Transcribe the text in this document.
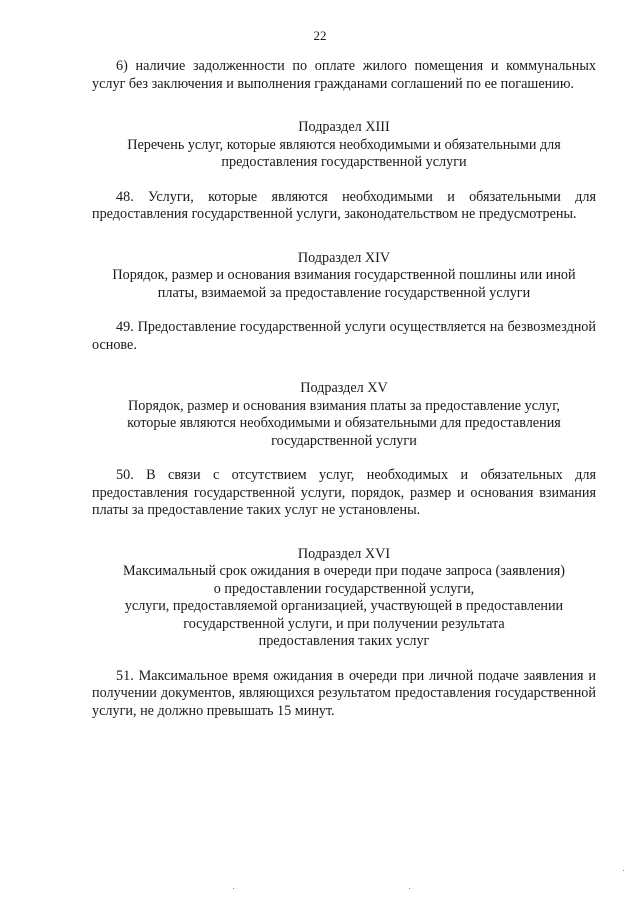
22

6) наличие задолженности по оплате жилого помещения и коммунальных услуг без заключения и выполнения гражданами соглашений по ее погашению.

Подраздел XIII
Перечень услуг, которые являются необходимыми и обязательными для
предоставления государственной услуги

48. Услуги, которые являются необходимыми и обязательными для предоставления государственной услуги, законодательством не предусмотрены.

Подраздел XIV
Порядок, размер и основания взимания государственной пошлины или иной
платы, взимаемой за предоставление государственной услуги

49. Предоставление государственной услуги осуществляется на безвозмездной основе.

Подраздел XV
Порядок, размер и основания взимания платы за предоставление услуг,
которые являются необходимыми и обязательными для предоставления
государственной услуги

50. В связи с отсутствием услуг, необходимых и обязательных для предоставления государственной услуги, порядок, размер и основания взимания платы за предоставление таких услуг не установлены.

Подраздел XVI
Максимальный срок ожидания в очереди при подаче запроса (заявления)
о предоставлении государственной услуги,
услуги, предоставляемой организацией, участвующей в предоставлении
государственной услуги, и при получении результата
предоставления таких услуг

51. Максимальное время ожидания в очереди при личной подаче заявления и получении документов, являющихся результатом предоставления государственной услуги, не должно превышать 15 минут.
